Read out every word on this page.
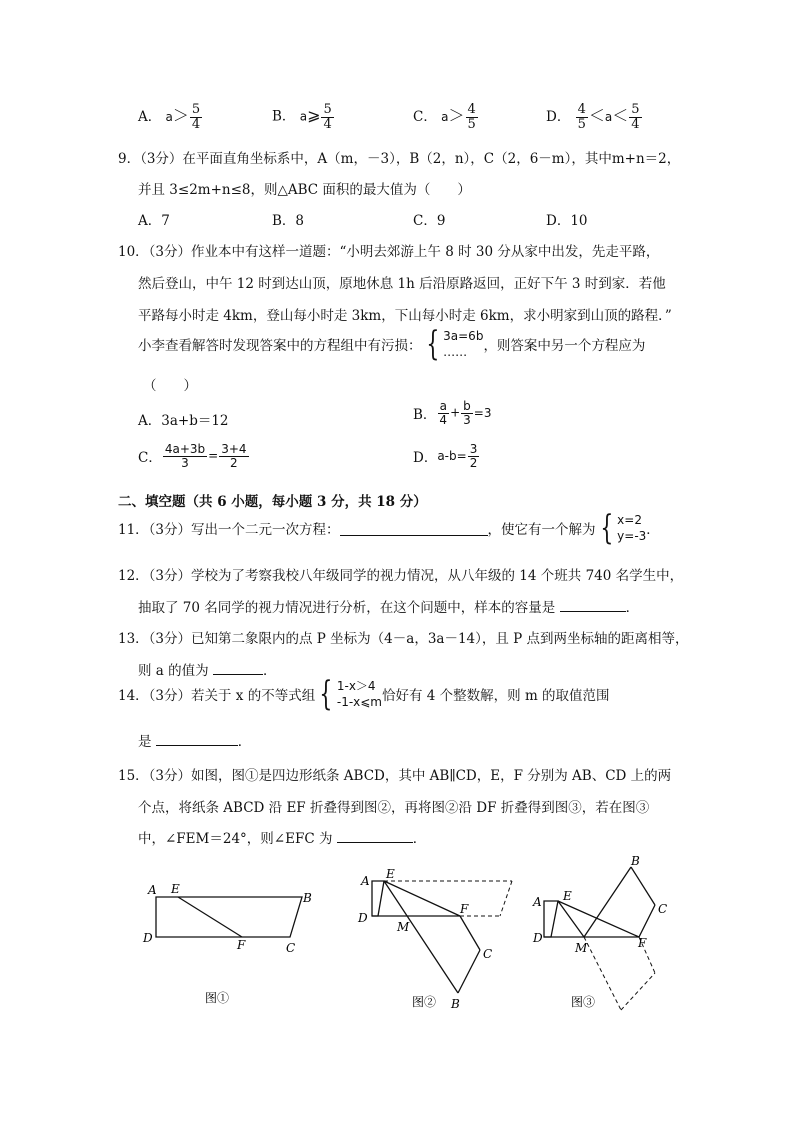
A． $a> \frac{5}{4}$	B． a⩾ $\frac{5}{4}$	C． $a> \frac{4}{5}$	D． $\frac{4}{5} <a< \frac{5}{4}$
9．（3分）在平面直角坐标系中，A（m，－3），B（2，n），C（2，6－m），其中m+n＝2，
并且 3≤2m+n≤8，则△ABC 面积的最大值为（　　）
A．7	B．8	C．9	D．10
10．（3分）作业本中有这样一道题：“小明去郊游上午 8 时 30 分从家中出发，先走平路，
然后登山，中午 12 时到达山顶，原地休息 1h 后沿原路返回，正好下午 3 时到家．若他
平路每小时走 4km，登山每小时走 3km，下山每小时走 6km，求小明家到山顶的路程．”
小李查看解答时发现答案中的方程组中有污损： { 3a=6b
……	，则答案中另一个方程应为
（　　）
A．3a+b＝12	B． $\frac{a}{4} + \frac{b}{3} =3$
C． $\frac{4a+3b}{3} = \frac{3+4}{2}$	D．$a-b= \frac{3}{2}$
二、填空题（共 6 小题，每小题 3 分，共 18 分）
11．（3分）写出一个二元一次方程：	，使它有一个解为 { x=2
y=-3 ．
12．（3分）学校为了考察我校八年级同学的视力情况，从八年级的 14 个班共 740 名学生中，
抽取了 70 名同学的视力情况进行分析，在这个问题中，样本的容量是	．
13．（3分）已知第二象限内的点 P 坐标为（4－a，3a－14），且 P 点到两坐标轴的距离相等，
则 a 的值为	．
14．（3分）若关于 x 的不等式组 { 1-x＞4
-1-x⩽m 恰好有 4 个整数解，则 m 的取值范围
是	．
15．（3分）如图，图①是四边形纸条 ABCD，其中 AB∥CD，E，F 分别为 AB、CD 上的两
个点，将纸条 ABCD 沿 EF 折叠得到图②，再将图②沿 DF 折叠得到图③，若在图③
中，∠FEM＝24°，则∠EFC 为	．
A E
B
C
D	F
图①
A E
D
M
F
C
B
图②
A E
D
M	F
C
B
图③
